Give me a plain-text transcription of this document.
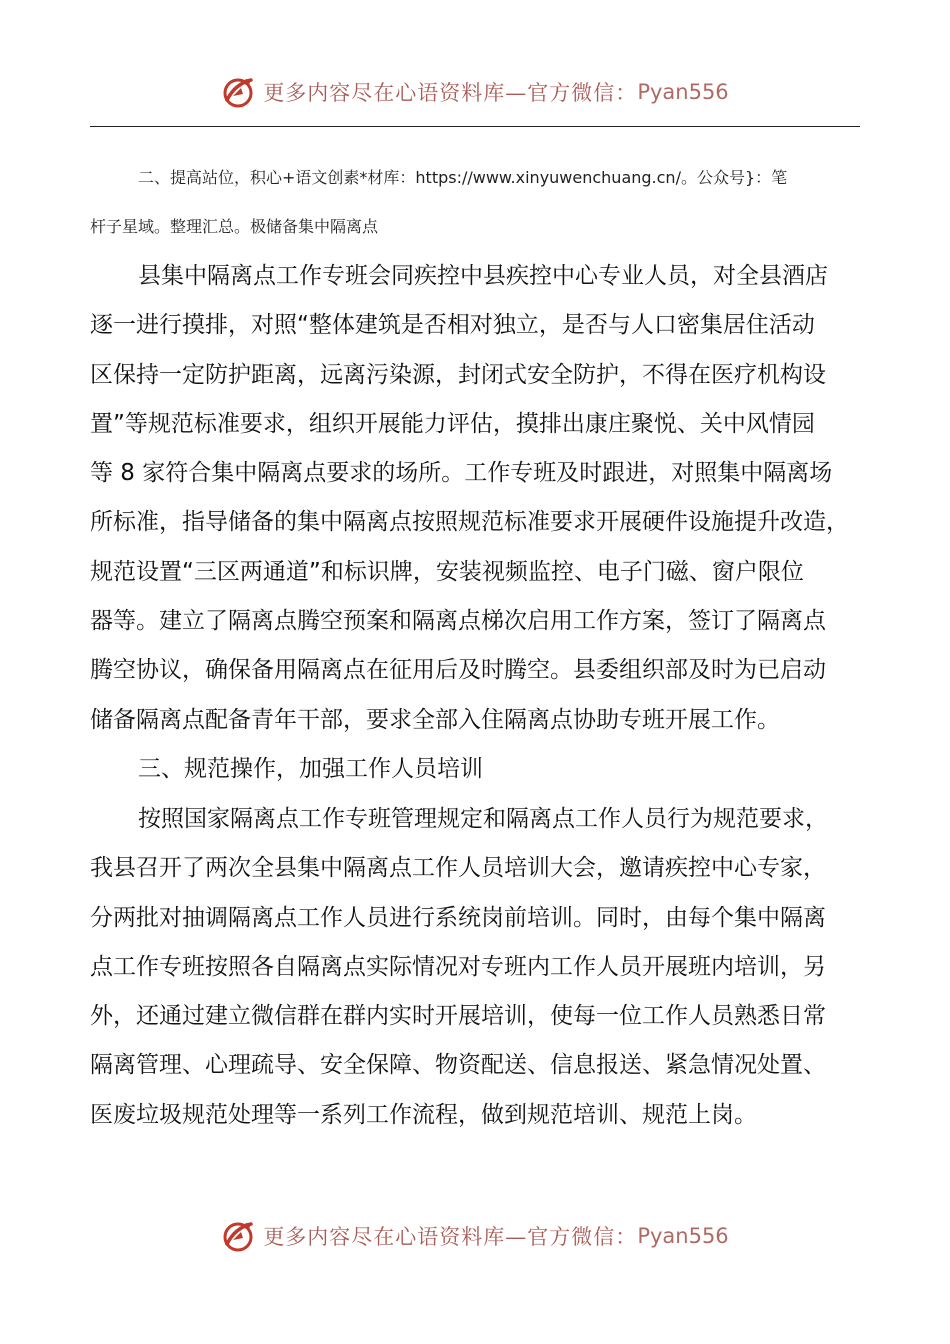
更多内容尽在心语资料库—官方微信： Pyan556
二、提高站位，积心+语文创素*材库：https://www.xinyuwenchuang.cn/。公众号}：笔
杆子星域。整理汇总。极储备集中隔离点
县集中隔离点工作专班会同疾控中县疾控中心专业人员，对全县酒店
逐一进行摸排，对照“整体建筑是否相对独立，是否与人口密集居住活动
区保持一定防护距离，远离污染源，封闭式安全防护，不得在医疗机构设
置”等规范标准要求，组织开展能力评估，摸排出康庄聚悦、关中风情园
等 8 家符合集中隔离点要求的场所。工作专班及时跟进，对照集中隔离场
所标准，指导储备的集中隔离点按照规范标准要求开展硬件设施提升改造，
规范设置“三区两通道”和标识牌，安装视频监控、电子门磁、窗户限位
器等。建立了隔离点腾空预案和隔离点梯次启用工作方案，签订了隔离点
腾空协议，确保备用隔离点在征用后及时腾空。县委组织部及时为已启动
储备隔离点配备青年干部，要求全部入住隔离点协助专班开展工作。
三、规范操作，加强工作人员培训
按照国家隔离点工作专班管理规定和隔离点工作人员行为规范要求，
我县召开了两次全县集中隔离点工作人员培训大会，邀请疾控中心专家，
分两批对抽调隔离点工作人员进行系统岗前培训。同时，由每个集中隔离
点工作专班按照各自隔离点实际情况对专班内工作人员开展班内培训，另
外，还通过建立微信群在群内实时开展培训，使每一位工作人员熟悉日常
隔离管理、心理疏导、安全保障、物资配送、信息报送、紧急情况处置、
医废垃圾规范处理等一系列工作流程，做到规范培训、规范上岗。
更多内容尽在心语资料库—官方微信： Pyan556
